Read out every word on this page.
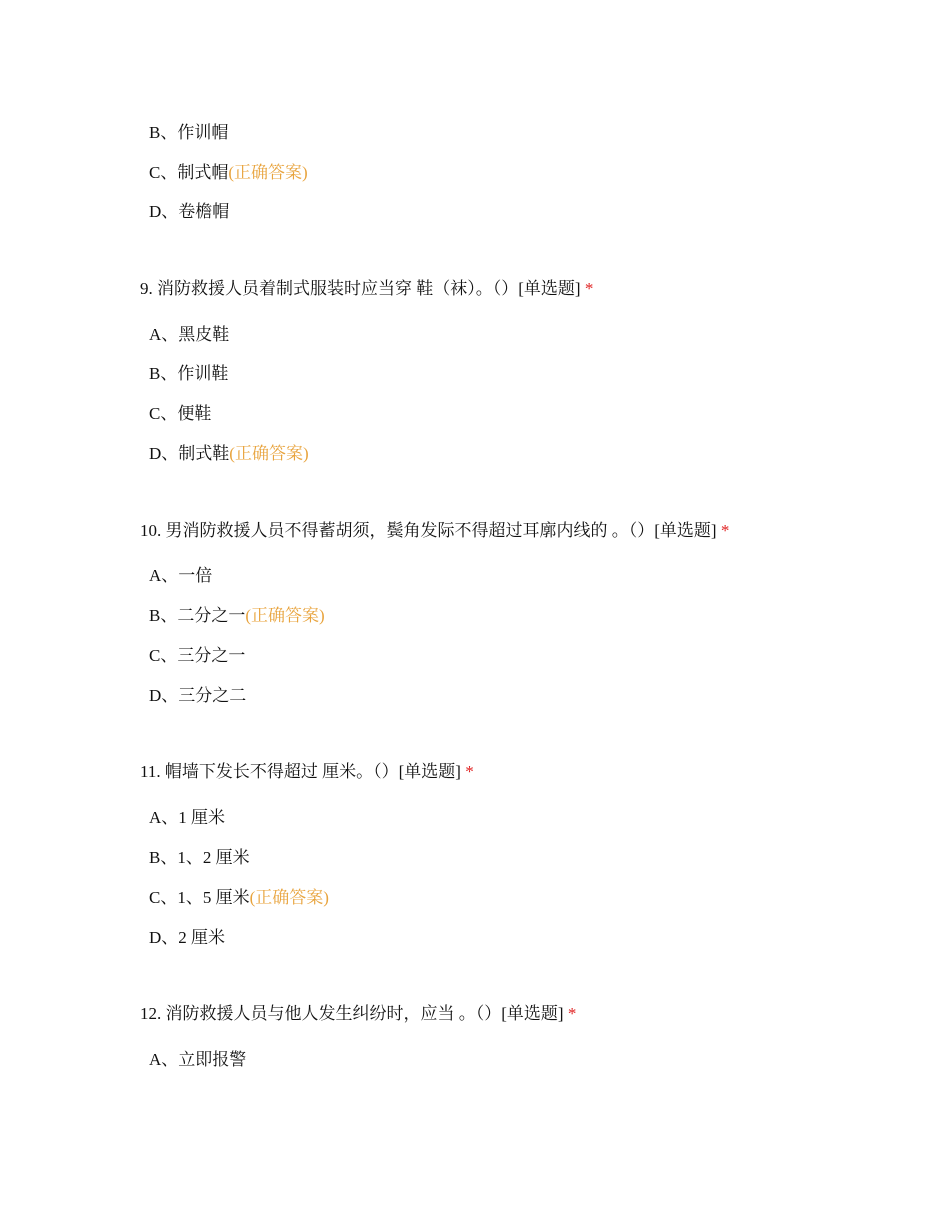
B、作训帽
C、制式帽(正确答案)
D、卷檐帽
9. 消防救援人员着制式服装时应当穿 鞋（袜）。（）[单选题] *
A、黑皮鞋
B、作训鞋
C、便鞋
D、制式鞋(正确答案)
10. 男消防救援人员不得蓄胡须，鬓角发际不得超过耳廓内线的 。（）[单选题] *
A、一倍
B、二分之一(正确答案)
C、三分之一
D、三分之二
11. 帽墙下发长不得超过 厘米。（）[单选题] *
A、1 厘米
B、1、2 厘米
C、1、5 厘米(正确答案)
D、2 厘米
12. 消防救援人员与他人发生纠纷时，应当 。（）[单选题] *
A、立即报警
